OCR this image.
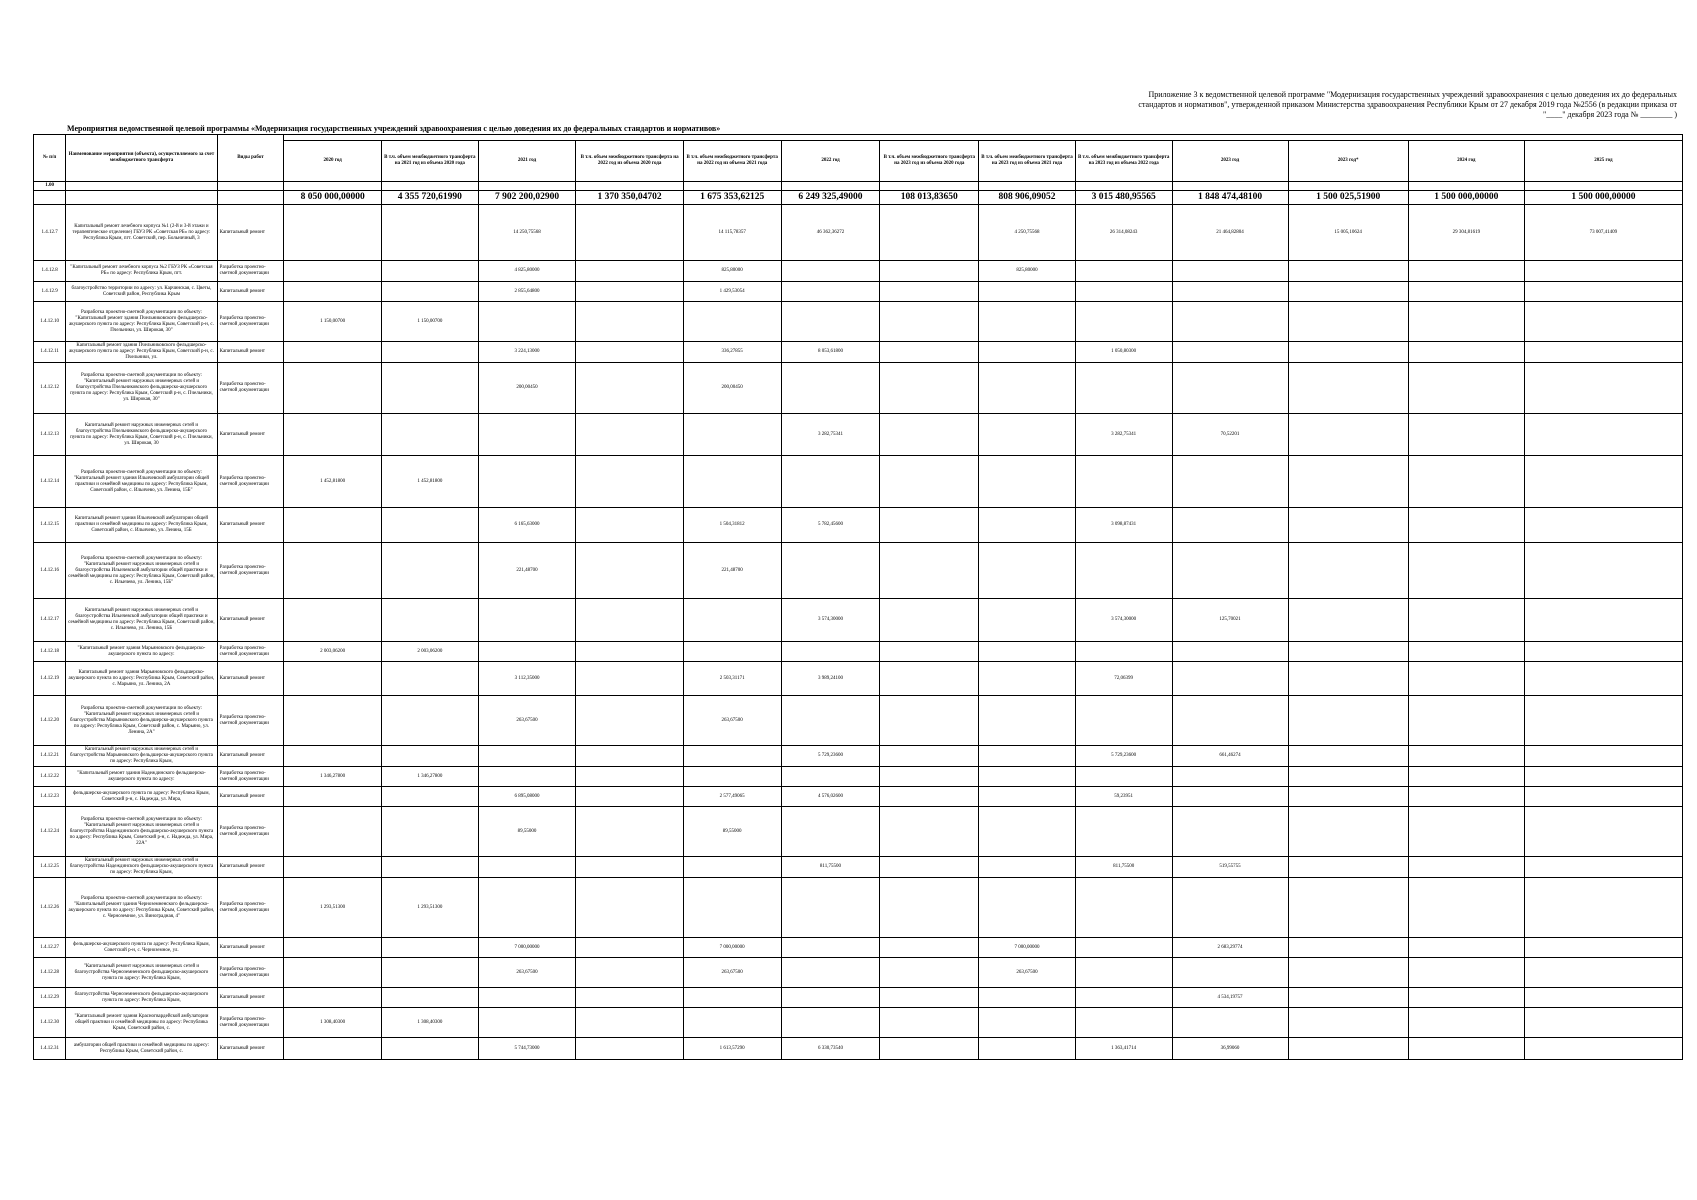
Приложение 3 к ведомственной целевой программе "Модернизация государственных учреждений здравоохранения с целью доведения их до федеральных стандартов и нормативов", утвержденной приказом Министерства здравоохранения Республики Крым от 27 декабря 2019 года №2556 (в редакции приказа от "____" декабря 2023 года № ________ )
Мероприятия ведомственной целевой программы «Модернизация государственных учреждений здравоохранения с целью доведения их до федеральных стандартов и нормативов»
№ п/п	Наименование мероприятия (объекта), осуществляемого за счет межбюджетного трансферта	Виды работ													
			2020 год	В т.ч. объем межбюджетного трансферта на 2021 год из объема 2020 года	2021 год	В т.ч. объем межбюджетного трансферта на 2022 год из объема 2020 года	В т.ч. объем межбюджетного трансферта на 2022 год из объема 2021 года	2022 год	В т.ч. объем межбюджетного трансферта на 2023 год из объема 2020 года	В т.ч. объем межбюджетного трансферта на 2023 год из объема 2021 года	В т.ч. объем межбюджетного трансферта на 2023 год из объема 2022 года	2023 год	2023 год*	2024 год	2025 год
1.00															
			8 050 000,00000	4 355 720,61990	7 902 200,02900	1 370 350,04702	1 675 353,62125	6 249 325,49000	108 013,83650	808 906,09052	3 015 480,95565	1 848 474,48100	1 500 025,51900	1 500 000,00000	1 500 000,00000
1.4.12.7	Капитальный ремонт лечебного корпуса №1 (2-й и 3-й этажи и терапевтическое отделение) ГБУЗ РК «Советская РБ» по адресу: Республика Крым, пгт. Советский, пер. Больничный, 3	Капитальный ремонт			14 250,75568		14 115,78357	46 362,36272		4 250,75568	26 314,08243	21 464,82804	15 005,10624	29 304,81619	73 007,41409
1.4.12.8	"Капитальный ремонт лечебного корпуса №2 ГБУЗ РК «Советская РБ» по адресу: Республика Крым, пгт.	Разработка проектно-сметной документации			4 825,80000		825,80000			825,80000					
1.4.12.9	благоустройство территории по адресу: ул. Карчинская, с. Цветы, Советский район, Республика Крым	Капитальный ремонт			2 855,64800		1 429,53054								
1.4.12.10	Разработка проектно-сметной документации по объекту: "Капитальный ремонт здания Пчельниковского фельдшерско-акушерского пункта по адресу: Республика Крым, Советский р-н, с. Пчельники, ул. Широкая, 30"	Разработка проектно-сметной документации	1 150,00700	1 150,00700											
1.4.12.11	Капитальный ремонт здания Пчельниковского фельдшерско-акушерского пункта по адресу: Республика Крым, Советский р-н, с. Пчельники, ул.	Капитальный ремонт			3 224,13000		336,27855	8 053,61800			1 050,80300				
1.4.12.12	Разработка проектно-сметной документации по объекту: "Капитальный ремонт наружных инженерных сетей и благоустройства Пчельниковского фельдшерско-акушерского пункта по адресу: Республика Крым, Советский р-н, с. Пчельники, ул. Широкая, 30"	Разработка проектно-сметной документации			200,00450		200,00450								
1.4.12.13	Капитальный ремонт наружных инженерных сетей и благоустройства Пчельниковского фельдшерско-акушерского пункта по адресу: Республика Крым, Советский р-н, с. Пчельники, ул. Широкая, 30	Капитальный ремонт						3 282,75341			3 282,75341	70,52201			
1.4.12.14	Разработка проектно-сметной документации по объекту: "Капитальный ремонт здания Ильичевской амбулатории общей практики и семейной медицины по адресу: Республика Крым, Советский район, с. Ильичево, ул. Ленина, 15Б"	Разработка проектно-сметной документации	1 452,81800	1 452,81800											
1.4.12.15	Капитальный ремонт здания Ильичевской амбулатории общей практики и семейной медицины по адресу: Республика Крым, Советский район, с. Ильичево, ул. Ленина, 15Б	Капитальный ремонт			6 165,63000		1 504,31812	5 782,45600			3 098,87431				
1.4.12.16	Разработка проектно-сметной документации по объекту: "Капитальный ремонт наружных инженерных сетей и благоустройства Ильичевской амбулатории общей практики и семейной медицины по адресу: Республика Крым, Советский район, с. Ильичево, ул. Ленина, 15Б"	Разработка проектно-сметной документации			221,48700		221,48700								
1.4.12.17	Капитальный ремонт наружных инженерных сетей и благоустройства Ильичевской амбулатории общей практики и семейной медицины по адресу: Республика Крым, Советский район, с. Ильичево, ул. Ленина, 15Б	Капитальный ремонт						3 574,30000			3 574,30000	125,70021			
1.4.12.18	"Капитальный ремонт здания Марьяновского фельдшерско-акушерского пункта по адресу:	Разработка проектно-сметной документации	2 003,06200	2 003,06200											
1.4.12.19	Капитальный ремонт здания Марьяновского фельдшерско-акушерского пункта по адресу: Республика Крым, Советский район, с. Марьяно, ул. Ленина, 2А	Капитальный ремонт			3 112,35000		2 503,31171	3 989,24100			72,06399				
1.4.12.20	Разработка проектно-сметной документации по объекту: "Капитальный ремонт наружных инженерных сетей и благоустройства Марьяновского фельдшерско-акушерского пункта по адресу: Республика Крым, Советский район, с. Марьяно, ул. Ленина, 2А"	Разработка проектно-сметной документации			263,67500		263,67500								
1.4.12.21	Капитальный ремонт наружных инженерных сетей и благоустройства Марьяновского фельдшерско-акушерского пункта по адресу: Республика Крым,	Капитальный ремонт						5 729,23600			5 729,23600	661,46274			
1.4.12.22	"Капитальный ремонт здания Надеждинского фельдшерско-акушерского пункта по адресу:	Разработка проектно-сметной документации	1 346,27800	1 346,27800											
1.4.12.23	фельдшерско-акушерского пункта по адресу: Республика Крым, Советский р-н, с. Надежда, ул. Мира,	Капитальный ремонт			6 895,08000		2 577,49065	4 576,02600			59,23951				
1.4.12.24	Разработка проектно-сметной документации по объекту: "Капитальный ремонт наружных инженерных сетей и благоустройства Надеждинского фельдшерско-акушерского пункта по адресу: Республика Крым, Советский р-н, с. Надежда, ул. Мира, 22А"	Разработка проектно-сметной документации			89,55000		89,55000								
1.4.12.25	Капитальный ремонт наружных инженерных сетей и благоустройства Надеждинского фельдшерско-акушерского пункта по адресу: Республика Крым,	Капитальный ремонт						811,75500			811,75500	519,55755			
1.4.12.26	Разработка проектно-сметной документации по объекту: "Капитальный ремонт здания Черноземненского фельдшерско-акушерского пункта по адресу: Республика Крым, Советский район, с. Черноземное, ул. Виноградная, 4"	Разработка проектно-сметной документации	1 293,51300	1 293,51300											
1.4.12.27	фельдшерско-акушерского пункта по адресу: Республика Крым, Советский р-н, с. Черноземное, ул.	Капитальный ремонт			7 000,00000		7 000,00000			7 000,00000		2 683,29774			
1.4.12.28	"Капитальный ремонт наружных инженерных сетей и благоустройства Черноземненского фельдшерско-акушерского пункта по адресу: Республика Крым,	Разработка проектно-сметной документации			263,67500		263,67500			263,67500					
1.4.12.29	благоустройства Черноземненского фельдшерско-акушерского пункта по адресу: Республика Крым,	Капитальный ремонт										4 534,19757			
1.4.12.30	"Капитальный ремонт здания Красногвардейской амбулатории общей практики и семейной медицины по адресу: Республика Крым, Советский район, с.	Разработка проектно-сметной документации	1 308,40300	1 308,40300											
1.4.12.31	амбулатории общей практики и семейной медицины по адресу: Республика Крым, Советский район, с.	Капитальный ремонт			5 744,73000		1 613,57290	6 330,73540			1 363,41714	36,99060			
